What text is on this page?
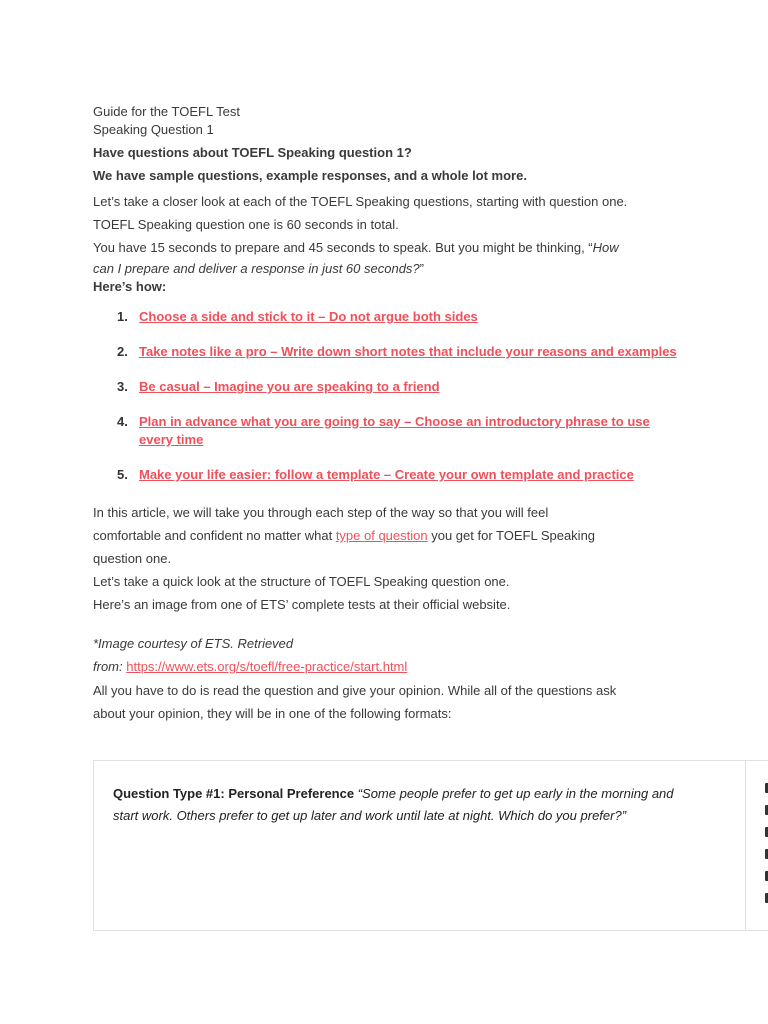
Guide for the TOEFL Test
Speaking Question 1
Have questions about TOEFL Speaking question 1?
We have sample questions, example responses, and a whole lot more.

Let’s take a closer look at each of the TOEFL Speaking questions, starting with question one.

TOEFL Speaking question one is 60 seconds in total.

You have 15 seconds to prepare and 45 seconds to speak. But you might be thinking, “How

can I prepare and deliver a response in just 60 seconds?”

Here’s how:
1. Choose a side and stick to it – Do not argue both sides
2. Take notes like a pro – Write down short notes that include your reasons and examples
3. Be casual – Imagine you are speaking to a friend
4. Plan in advance what you are going to say – Choose an introductory phrase to use every time
5. Make your life easier: follow a template – Create your own template and practice

In this article, we will take you through each step of the way so that you will feel

comfortable and confident no matter what type of question you get for TOEFL Speaking

question one.

Let’s take a quick look at the structure of TOEFL Speaking question one.

Here’s an image from one of ETS’ complete tests at their official website.

*Image courtesy of ETS. Retrieved
from: https://www.ets.org/s/toefl/free-practice/start.html

All you have to do is read the question and give your opinion. While all of the questions ask

about your opinion, they will be in one of the following formats:

Question Type #1: Personal Preference “Some people prefer to get up early in the morning and
start work. Others prefer to get up later and work until late at night. Which do you prefer?”
